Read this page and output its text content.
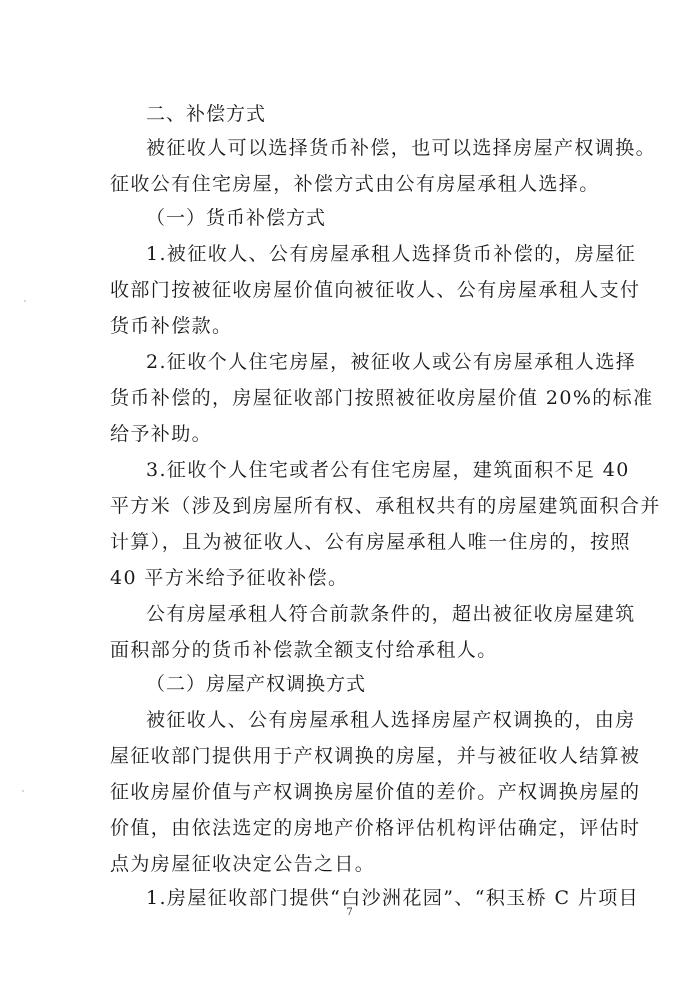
二、补偿方式
被征收人可以选择货币补偿，也可以选择房屋产权调换。
征收公有住宅房屋，补偿方式由公有房屋承租人选择。
（一）货币补偿方式
1.被征收人、公有房屋承租人选择货币补偿的，房屋征
收部门按被征收房屋价值向被征收人、公有房屋承租人支付
货币补偿款。
2.征收个人住宅房屋，被征收人或公有房屋承租人选择
货币补偿的，房屋征收部门按照被征收房屋价值 20%的标准
给予补助。
3.征收个人住宅或者公有住宅房屋，建筑面积不足 40
平方米（涉及到房屋所有权、承租权共有的房屋建筑面积合并
计算），且为被征收人、公有房屋承租人唯一住房的，按照
40 平方米给予征收补偿。
公有房屋承租人符合前款条件的，超出被征收房屋建筑
面积部分的货币补偿款全额支付给承租人。
（二）房屋产权调换方式
被征收人、公有房屋承租人选择房屋产权调换的，由房
屋征收部门提供用于产权调换的房屋，并与被征收人结算被
征收房屋价值与产权调换房屋价值的差价。产权调换房屋的
价值，由依法选定的房地产价格评估机构评估确定，评估时
点为房屋征收决定公告之日。
1.房屋征收部门提供“白沙洲花园”、“积玉桥 C 片项目
7
